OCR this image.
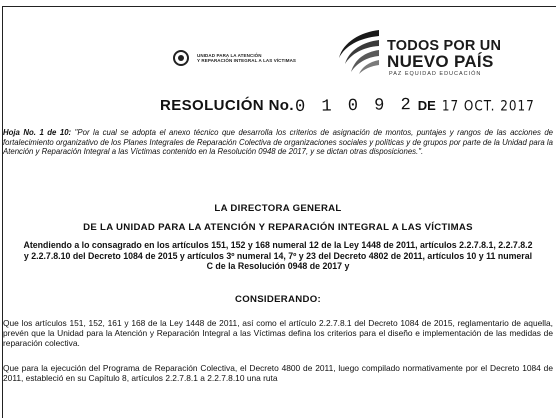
UNIDAD PARA LA ATENCIÓN
Y REPARACIÓN INTEGRAL A LAS VÍCTIMAS
TODOS POR UN
NUEVO PAÍS
PAZ EQUIDAD EDUCACIÓN
RESOLUCIÓN No. 0 1 0 9 2 DE 17 OCT. 2017
Hoja No. 1 de 10: "Por la cual se adopta el anexo técnico que desarrolla los criterios de asignación de montos, puntajes y rangos de las acciones de fortalecimiento organizativo de los Planes Integrales de Reparación Colectiva de organizaciones sociales y políticas y de grupos por parte de la Unidad para la Atención y Reparación Integral a las Víctimas contenido en la Resolución 0948 de 2017, y se dictan otras disposiciones.".
LA DIRECTORA GENERAL
DE LA UNIDAD PARA LA ATENCIÓN Y REPARACIÓN INTEGRAL A LAS VÍCTIMAS
Atendiendo a lo consagrado en los artículos 151, 152 y 168 numeral 12 de la Ley 1448 de 2011, artículos 2.2.7.8.1, 2.2.7.8.2 y 2.2.7.8.10 del Decreto 1084 de 2015 y artículos 3º numeral 14, 7º y 23 del Decreto 4802 de 2011, artículos 10 y 11 numeral C de la Resolución 0948 de 2017 y
CONSIDERANDO:
Que los artículos 151, 152, 161 y 168 de la Ley 1448 de 2011, así como el artículo 2.2.7.8.1 del Decreto 1084 de 2015, reglamentario de aquella, prevén que la Unidad para la Atención y Reparación Integral a las Víctimas defina los criterios para el diseño e implementación de las medidas de reparación colectiva.
Que para la ejecución del Programa de Reparación Colectiva, el Decreto 4800 de 2011, luego compilado normativamente por el Decreto 1084 de 2011, estableció en su Capítulo 8, artículos 2.2.7.8.1 a 2.2.7.8.10 una ruta
